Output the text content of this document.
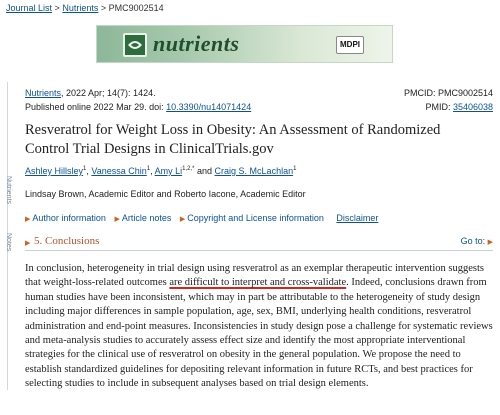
Journal List > Nutrients > PMC9002514
nutrients	MDPI
Nutrients
Notes
Nutrients, 2022 Apr; 14(7): 1424.
Published online 2022 Mar 29. doi: 10.3390/nu14071424
PMCID: PMC9002514
PMID: 35406038
Resveratrol for Weight Loss in Obesity: An Assessment of Randomized Control Trial Designs in ClinicalTrials.gov
Ashley Hillsley$^1$, Vanessa Chin$^1$, Amy $Li^{1,2,*}$ and Craig S. McLachlan$^1$
Lindsay Brown, Academic Editor and Roberto Iacone, Academic Editor
▶ Author information ▶ Article notes ▶ Copyright and License information Disclaimer
▶ 5. Conclusions	Go to: ▶
In conclusion, heterogeneity in trial design using resveratrol as an exemplar therapeutic intervention suggests that weight-loss-related outcomes are difficult to interpret and cross-validate. Indeed, conclusions drawn from human studies have been inconsistent, which may in part be attributable to the heterogeneity of study design including major differences in sample population, age, sex, BMI, underlying health conditions, resveratrol administration and end-point measures. Inconsistencies in study design pose a challenge for systematic reviews and meta-analysis studies to accurately assess effect size and identify the most appropriate interventional strategies for the clinical use of resveratrol on obesity in the general population. We propose the need to establish standardized guidelines for depositing relevant information in future RCTs, and best practices for selecting studies to include in subsequent analyses based on trial design elements.
